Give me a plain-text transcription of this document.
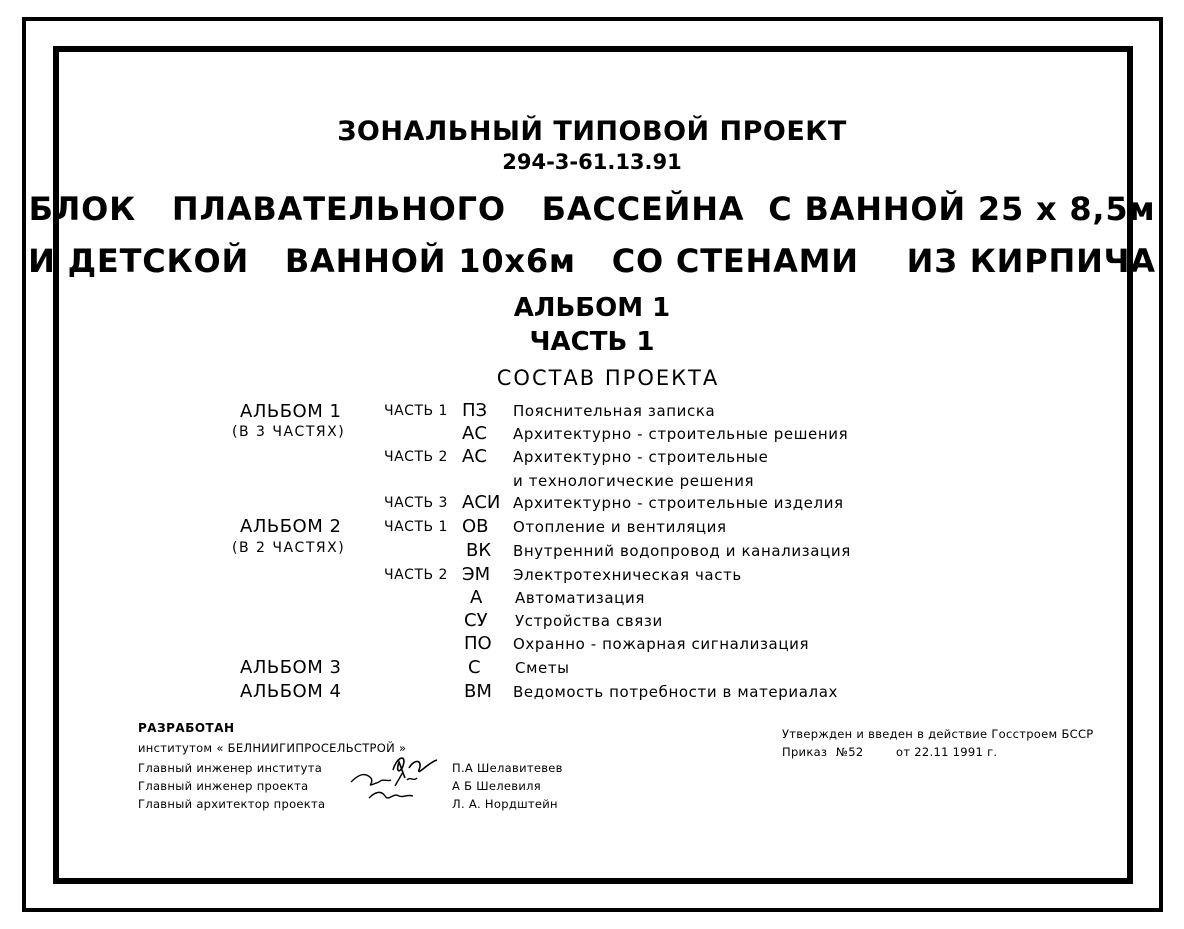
ЗОНАЛЬНЫЙ ТИПОВОЙ ПРОЕКТ
294-3-61.13.91
БЛОК   ПЛАВАТЕЛЬНОГО   БАССЕЙНА  С ВАННОЙ 25 х 8,5м
И ДЕТСКОЙ   ВАННОЙ 10х6м   СО СТЕНАМИ    ИЗ КИРПИЧА
АЛЬБОМ 1
ЧАСТЬ 1
СОСТАВ ПРОЕКТА
АЛЬБОМ 1
(В 3 ЧАСТЯХ)
АЛЬБОМ 2
(В 2 ЧАСТЯХ)
АЛЬБОМ 3
АЛЬБОМ 4
ЧАСТЬ 1 ПЗ Пояснительная записка
АС Архитектурно - строительные решения
ЧАСТЬ 2 АС Архитектурно - строительные
и технологические решения
ЧАСТЬ 3 АСИ Архитектурно - строительные изделия
ЧАСТЬ 1 ОВ Отопление и вентиляция
ВК Внутренний водопровод и канализация
ЧАСТЬ 2 ЭМ Электротехническая часть
А Автоматизация
СУ Устройства связи
ПО Охранно - пожарная сигнализация
С Сметы
ВМ Ведомость потребности в материалах
РАЗРАБОТАН
институтом « БЕЛНИИГИПРОСЕЛЬСТРОЙ »
Главный инженер института
Главный инженер проекта
Главный архитектор проекта
П.А Шелавитевев
А Б Шелевиля
Л. А. Нордштейн
Утвержден и введен в действие Госстроем БССР
Приказ №52	от 22.11 1991 г.
